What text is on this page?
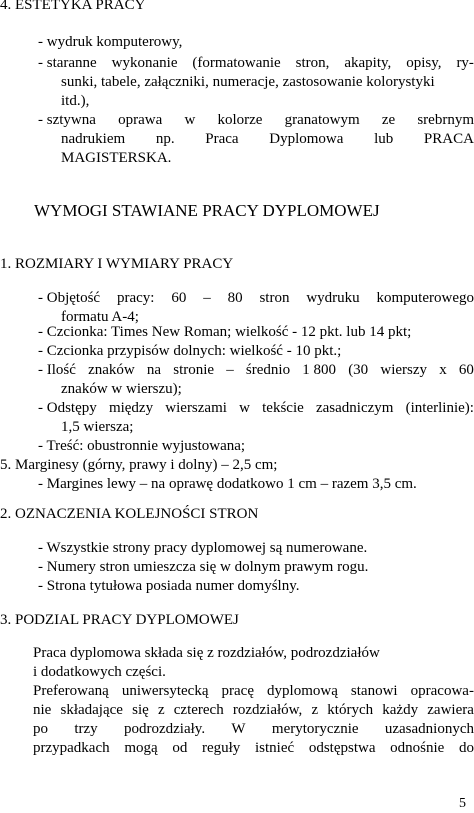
4. ESTETYKA PRACY
- wydruk komputerowy,
- staranne wykonanie (formatowanie stron, akapity, opisy, ry-
sunki, tabele, załączniki, numeracje, zastosowanie kolorystyki
itd.),
- sztywna oprawa w kolorze granatowym ze srebrnym
nadrukiem np. Praca Dyplomowa lub PRACA
MAGISTERSKA.
WYMOGI STAWIANE PRACY DYPLOMOWEJ
1. ROZMIARY I WYMIARY PRACY
- Objętość pracy: 60 – 80 stron wydruku komputerowego
formatu A-4;
- Czcionka: Times New Roman; wielkość - 12 pkt. lub 14 pkt;
- Czcionka przypisów dolnych: wielkość - 10 pkt.;
- Ilość znaków na stronie – średnio 1 800 (30 wierszy x 60
znaków w wierszu);
- Odstępy między wierszami w tekście zasadniczym (interlinie):
1,5 wiersza;
- Treść: obustronnie wyjustowana;
5. Marginesy (górny, prawy i dolny) – 2,5 cm;
- Margines lewy – na oprawę dodatkowo 1 cm – razem 3,5 cm.
2. OZNACZENIA KOLEJNOŚCI STRON
- Wszystkie strony pracy dyplomowej są numerowane.
- Numery stron umieszcza się w dolnym prawym rogu.
- Strona tytułowa posiada numer domyślny.
3. PODZIAL PRACY DYPLOMOWEJ
Praca dyplomowa składa się z rozdziałów, podrozdziałów
i dodatkowych części.
Preferowaną uniwersytecką pracę dyplomową stanowi opracowa-
nie składające się z czterech rozdziałów, z których każdy zawiera
po trzy podrozdziały. W merytorycznie uzasadnionych
przypadkach mogą od reguły istnieć odstępstwa odnośnie do
5
